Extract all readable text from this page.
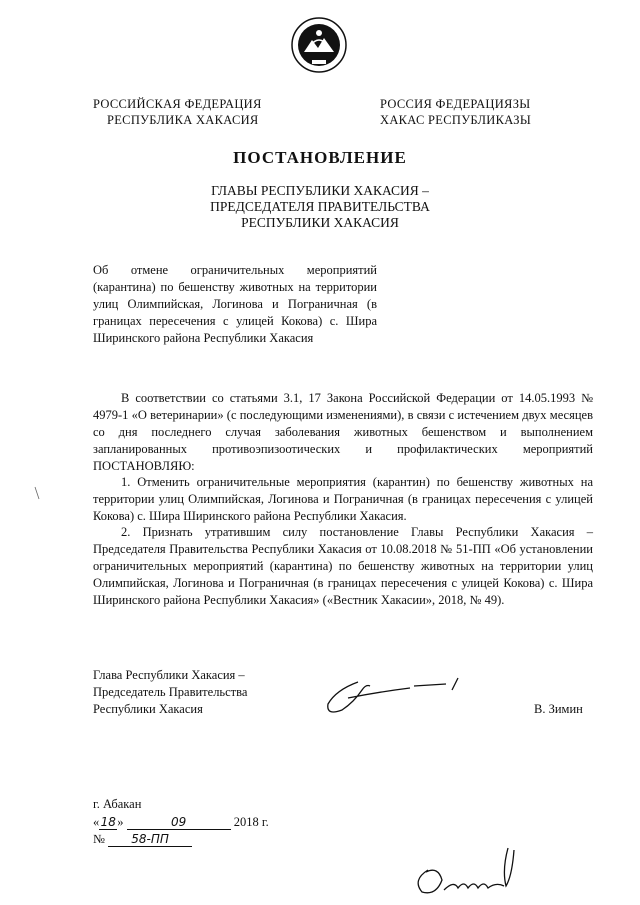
РОССИЙСКАЯ ФЕДЕРАЦИЯ
РЕСПУБЛИКА ХАКАСИЯ
РОССИЯ ФЕДЕРАЦИЯЗЫ
ХАКАС РЕСПУБЛИКАЗЫ
ПОСТАНОВЛЕНИЕ
ГЛАВЫ РЕСПУБЛИКИ ХАКАСИЯ –
ПРЕДСЕДАТЕЛЯ ПРАВИТЕЛЬСТВА
РЕСПУБЛИКИ ХАКАСИЯ
Об отмене ограничительных мероприятий (карантина) по бешенству животных на территории улиц Олимпийская, Логинова и Пограничная (в границах пересечения с улицей Кокова) с. Шира Ширинского района Республики Хакасия
В соответствии со статьями 3.1, 17 Закона Российской Федерации от 14.05.1993 № 4979-1 «О ветеринарии» (с последующими изменениями), в связи с истечением двух месяцев со дня последнего случая заболевания животных бешенством и выполнением запланированных противоэпизоотических и профилактических мероприятий ПОСТАНОВЛЯЮ:
1. Отменить ограничительные мероприятия (карантин) по бешенству животных на территории улиц Олимпийская, Логинова и Пограничная (в границах пересечения с улицей Кокова) с. Шира Ширинского района Республики Хакасия.
2. Признать утратившим силу постановление Главы Республики Хакасия – Председателя Правительства Республики Хакасия от 10.08.2018 № 51-ПП «Об установлении ограничительных мероприятий (карантина) по бешенству животных на территории улиц Олимпийская, Логинова и Пограничная (в границах пересечения с улицей Кокова) с. Шира Ширинского района Республики Хакасия» («Вестник Хакасии», 2018, № 49).
Глава Республики Хакасия –
Председатель Правительства
Республики Хакасия	В. Зимин
г. Абакан
«18»	09	2018 г.
№ 58-ПП
